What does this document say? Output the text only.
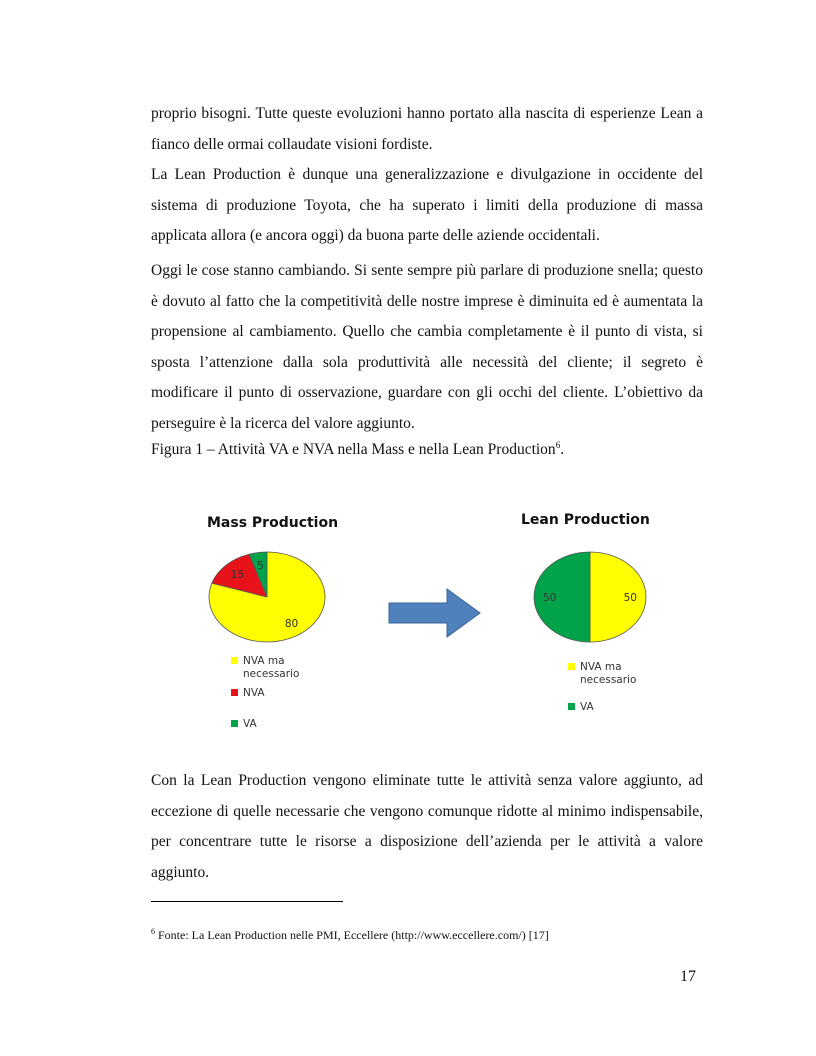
proprio bisogni. Tutte queste evoluzioni hanno portato alla nascita di esperienze Lean a fianco delle ormai collaudate visioni fordiste.

La Lean Production è dunque una generalizzazione e divulgazione in occidente del sistema di produzione Toyota, che ha superato i limiti della produzione di massa applicata allora (e ancora oggi) da buona parte delle aziende occidentali.

Oggi le cose stanno cambiando. Si sente sempre più parlare di produzione snella; questo è dovuto al fatto che la competitività delle nostre imprese è diminuita ed è aumentata la propensione al cambiamento. Quello che cambia completamente è il punto di vista, si sposta l’attenzione dalla sola produttività alle necessità del cliente; il segreto è modificare il punto di osservazione, guardare con gli occhi del cliente. L’obiettivo da perseguire è la ricerca del valore aggiunto.

Figura 1 – Attività VA e NVA nella Mass e nella Lean Production$^6$.

Mass Production
80
15
5
NVA ma necessario
NVA
VA
Lean Production
50
50
NVA ma necessario
VA

Con la Lean Production vengono eliminate tutte le attività senza valore aggiunto, ad eccezione di quelle necessarie che vengono comunque ridotte al minimo indispensabile, per concentrare tutte le risorse a disposizione dell’azienda per le attività a valore aggiunto.

$^6$ Fonte: La Lean Production nelle PMI, Eccellere (http://www.eccellere.com/) [17]

17
